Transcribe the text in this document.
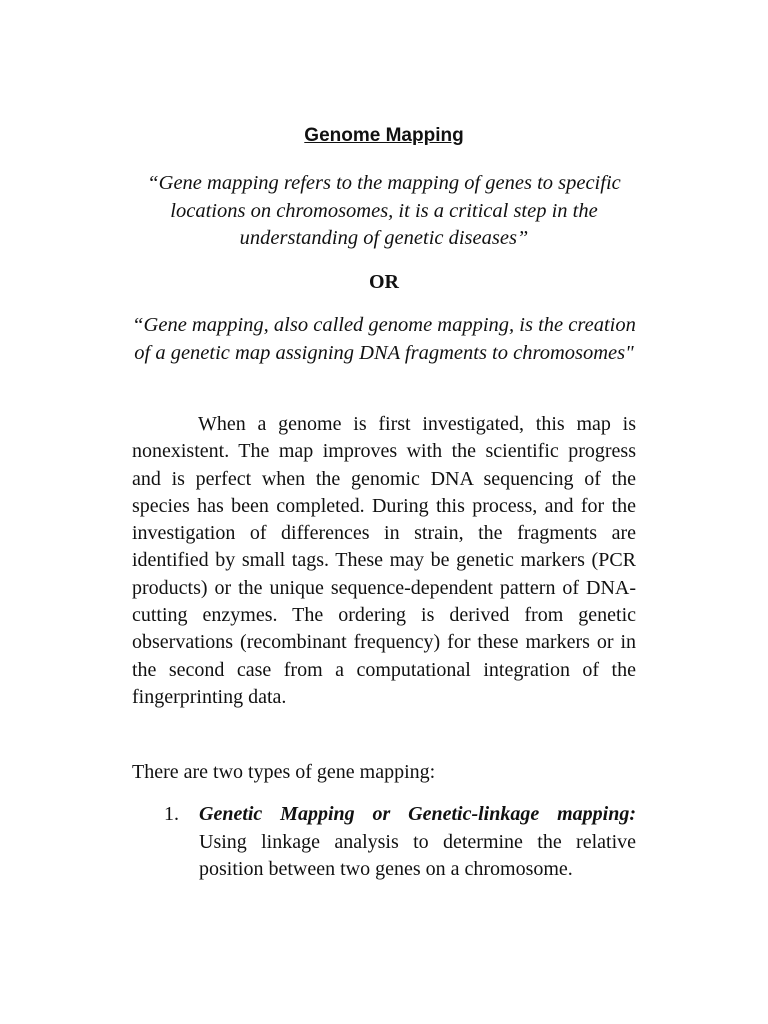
Genome Mapping
“Gene mapping refers to the mapping of genes to specific locations on chromosomes, it is a critical step in the understanding of genetic diseases”
OR
“Gene mapping, also called genome mapping, is the creation of a genetic map assigning DNA fragments to chromosomes"
When a genome is first investigated, this map is nonexistent. The map improves with the scientific progress and is perfect when the genomic DNA sequencing of the species has been completed. During this process, and for the investigation of differences in strain, the fragments are identified by small tags. These may be genetic markers (PCR products) or the unique sequence-dependent pattern of DNA-cutting enzymes. The ordering is derived from genetic observations (recombinant frequency) for these markers or in the second case from a computational integration of the fingerprinting data.
There are two types of gene mapping:
1. Genetic Mapping or Genetic-linkage mapping: Using linkage analysis to determine the relative position between two genes on a chromosome.
